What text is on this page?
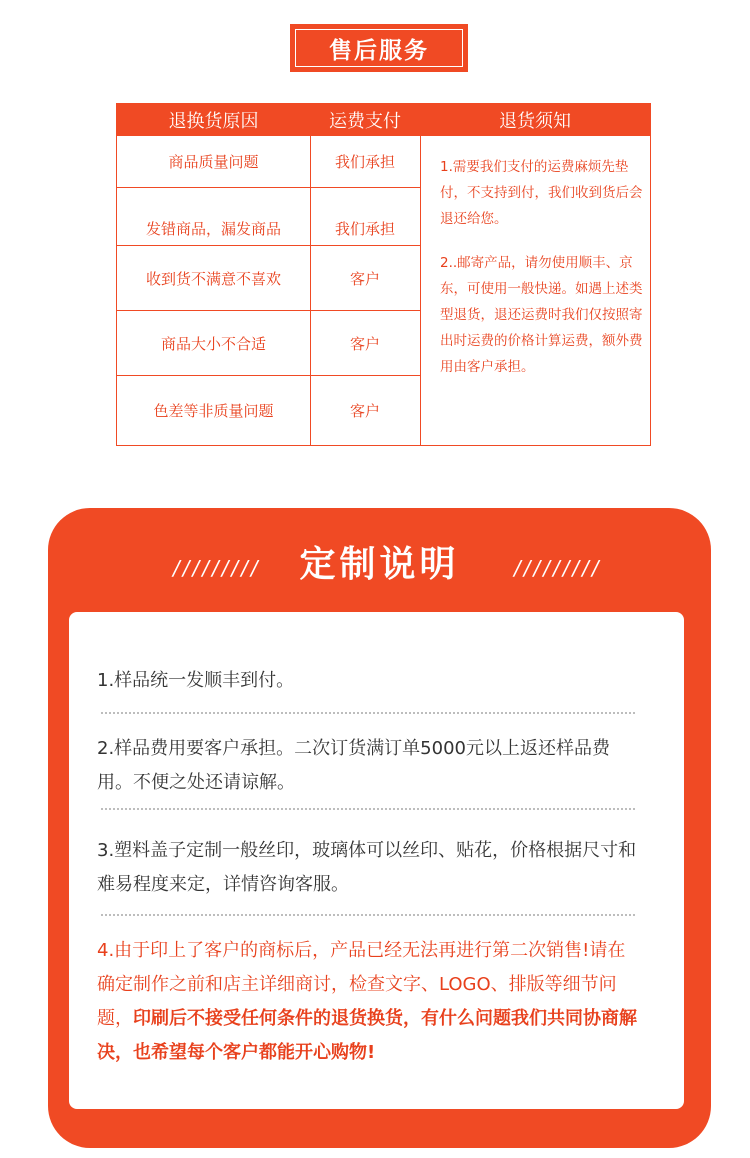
售后服务
退换货原因	运费支付	退货须知
商品质量问题	我们承担
发错商品，漏发商品	我们承担
收到货不满意不喜欢	客户
商品大小不合适	客户
色差等非质量问题	客户

1.需要我们支付的运费麻烦先垫付，不支持到付，我们收到货后会退还给您。

2..邮寄产品，请勿使用顺丰、京东，可使用一般快递。如遇上述类型退货，退还运费时我们仅按照寄出时运费的价格计算运费，额外费用由客户承担。

/////////	定制说明	/////////
1.样品统一发顺丰到付。
2.样品费用要客户承担。二次订货满订单5000元以上返还样品费用。不便之处还请谅解。
3.塑料盖子定制一般丝印，玻璃体可以丝印、贴花，价格根据尺寸和难易程度来定，详情咨询客服。
4.由于印上了客户的商标后，产品已经无法再进行第二次销售!请在确定制作之前和店主详细商讨，检查文字、LOGO、排版等细节问题，印刷后不接受任何条件的退货换货，有什么问题我们共同协商解决，也希望每个客户都能开心购物!
